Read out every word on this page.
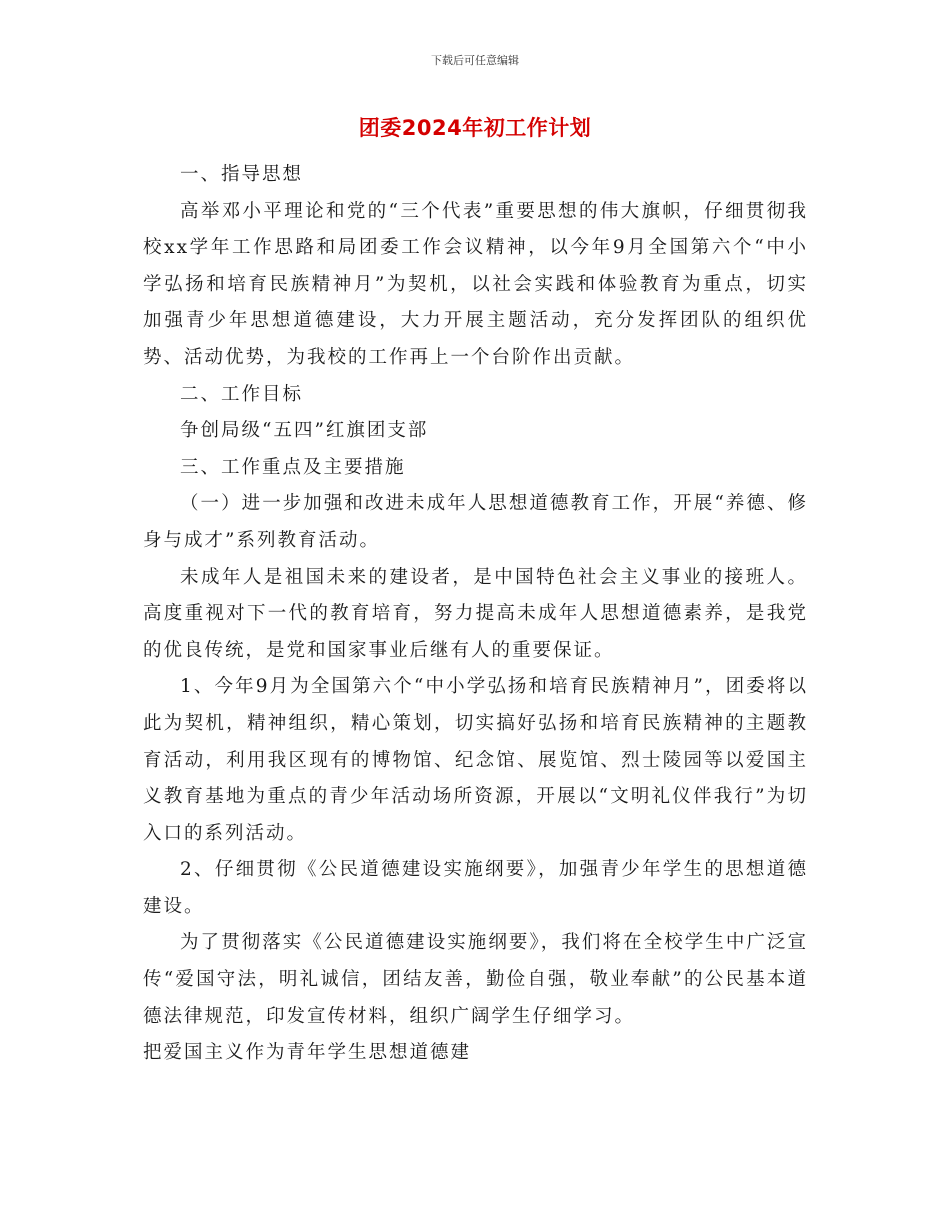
下载后可任意编辑
团委2024年初工作计划

一、指导思想

高举邓小平理论和党的“三个代表”重要思想的伟大旗帜，仔细贯彻我校xx学年工作思路和局团委工作会议精神，以今年9月全国第六个“中小学弘扬和培育民族精神月”为契机，以社会实践和体验教育为重点，切实加强青少年思想道德建设，大力开展主题活动，充分发挥团队的组织优势、活动优势，为我校的工作再上一个台阶作出贡献。

二、工作目标

争创局级“五四”红旗团支部

三、工作重点及主要措施

（一）进一步加强和改进未成年人思想道德教育工作，开展“养德、修身与成才”系列教育活动。

未成年人是祖国未来的建设者，是中国特色社会主义事业的接班人。高度重视对下一代的教育培育，努力提高未成年人思想道德素养，是我党的优良传统，是党和国家事业后继有人的重要保证。

1、今年9月为全国第六个“中小学弘扬和培育民族精神月”，团委将以此为契机，精神组织，精心策划，切实搞好弘扬和培育民族精神的主题教育活动，利用我区现有的博物馆、纪念馆、展览馆、烈士陵园等以爱国主义教育基地为重点的青少年活动场所资源，开展以“文明礼仪伴我行”为切入口的系列活动。

2、仔细贯彻《公民道德建设实施纲要》，加强青少年学生的思想道德建设。

为了贯彻落实《公民道德建设实施纲要》，我们将在全校学生中广泛宣传“爱国守法，明礼诚信，团结友善，勤俭自强，敬业奉献”的公民基本道德法律规范，印发宣传材料，组织广阔学生仔细学习。

把爱国主义作为青年学生思想道德建
